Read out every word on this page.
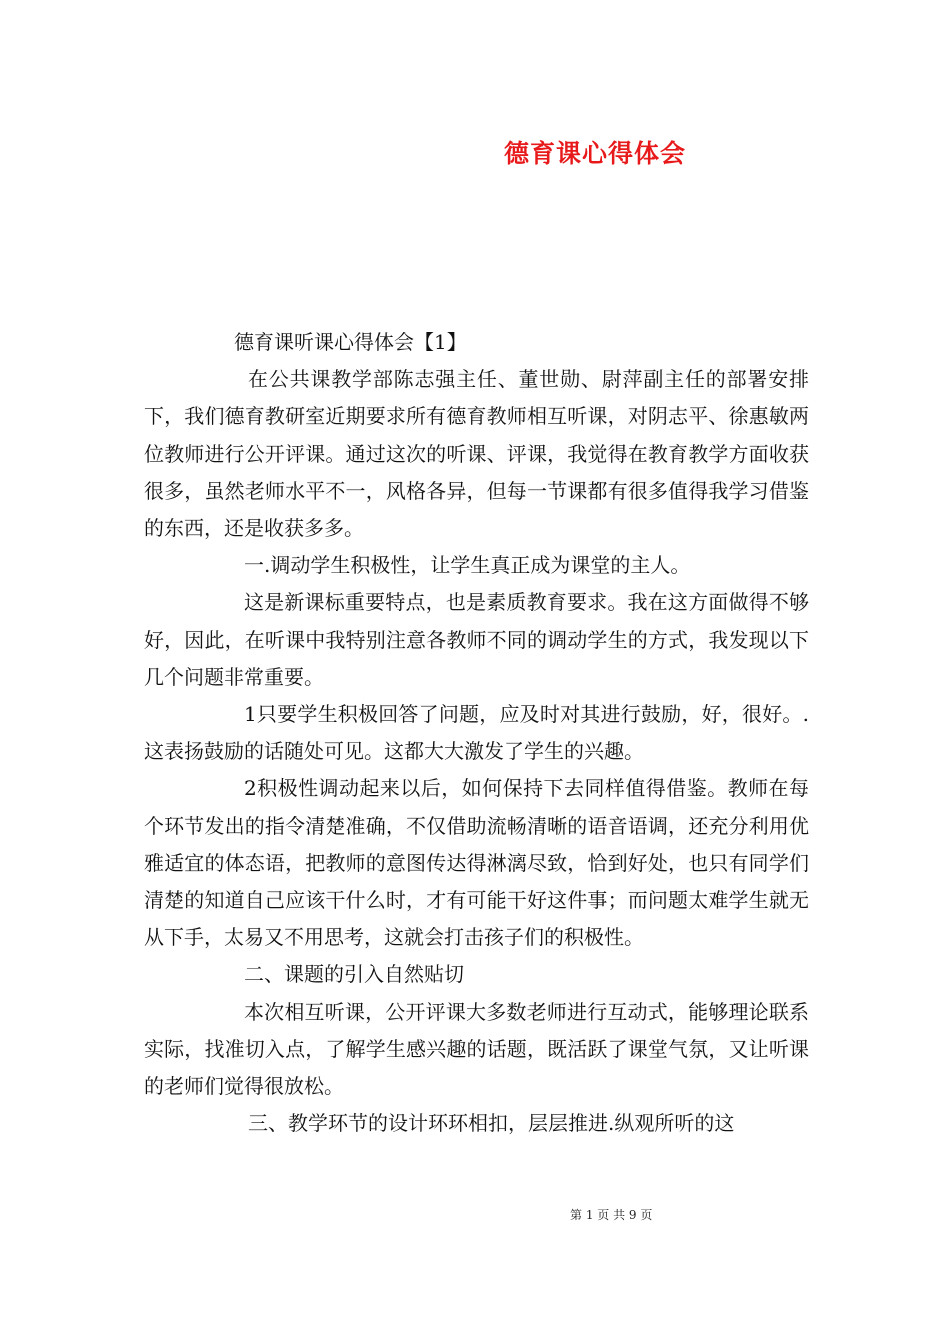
德育课心得体会

德育课听课心得体会【1】

在公共课教学部陈志强主任、董世勋、尉萍副主任的部署安排下，我们德育教研室近期要求所有德育教师相互听课，对阴志平、徐惠敏两位教师进行公开评课。通过这次的听课、评课，我觉得在教育教学方面收获很多，虽然老师水平不一，风格各异，但每一节课都有很多值得我学习借鉴的东西，还是收获多多。

一.调动学生积极性，让学生真正成为课堂的主人。

这是新课标重要特点，也是素质教育要求。我在这方面做得不够好，因此，在听课中我特别注意各教师不同的调动学生的方式，我发现以下几个问题非常重要。

1只要学生积极回答了问题，应及时对其进行鼓励，好，很好。.这表扬鼓励的话随处可见。这都大大激发了学生的兴趣。

2积极性调动起来以后，如何保持下去同样值得借鉴。教师在每个环节发出的指令清楚准确，不仅借助流畅清晰的语音语调，还充分利用优雅适宜的体态语，把教师的意图传达得淋漓尽致，恰到好处，也只有同学们清楚的知道自己应该干什么时，才有可能干好这件事；而问题太难学生就无从下手，太易又不用思考，这就会打击孩子们的积极性。

二、课题的引入自然贴切

本次相互听课，公开评课大多数老师进行互动式，能够理论联系实际，找准切入点，了解学生感兴趣的话题，既活跃了课堂气氛，又让听课的老师们觉得很放松。

三、教学环节的设计环环相扣，层层推进.纵观所听的这

第 1 页 共 9 页
